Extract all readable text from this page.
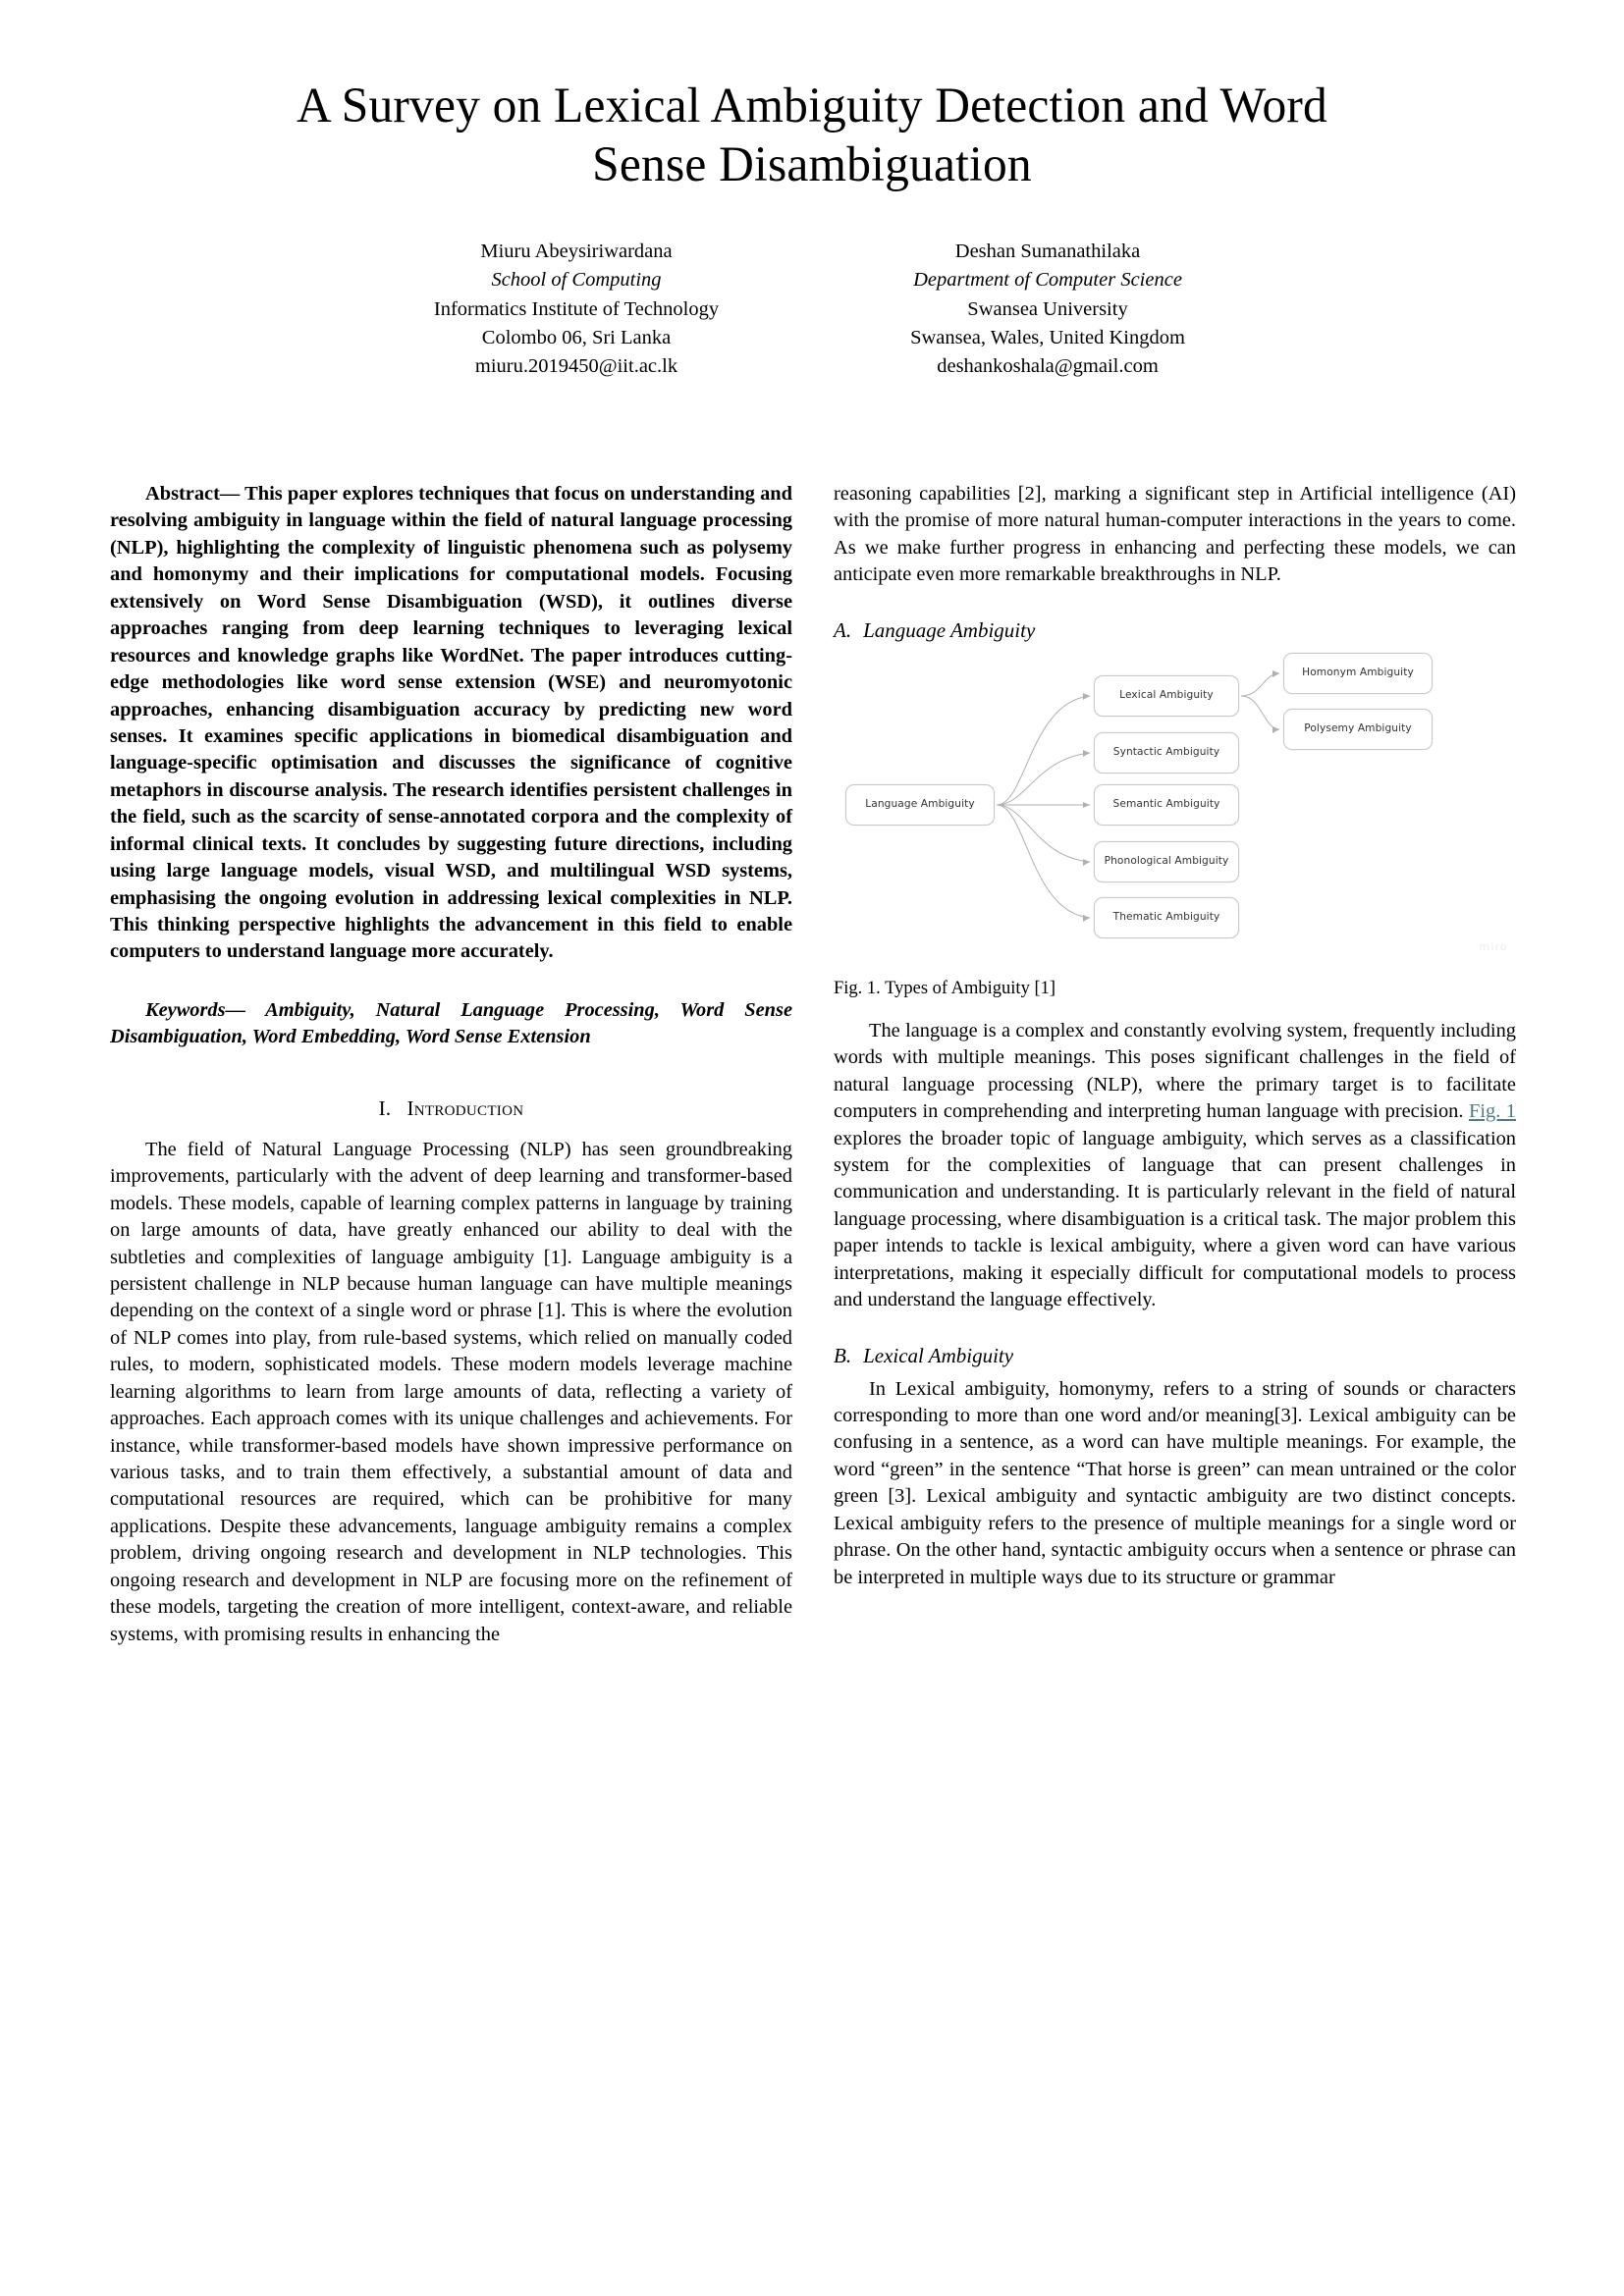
A Survey on Lexical Ambiguity Detection and Word Sense Disambiguation
Miuru Abeysiriwardana
School of Computing
Informatics Institute of Technology
Colombo 06, Sri Lanka
miuru.2019450@iit.ac.lk
Deshan Sumanathilaka
Department of Computer Science
Swansea University
Swansea, Wales, United Kingdom
deshankoshala@gmail.com

Abstract— This paper explores techniques that focus on understanding and resolving ambiguity in language within the field of natural language processing (NLP), highlighting the complexity of linguistic phenomena such as polysemy and homonymy and their implications for computational models. Focusing extensively on Word Sense Disambiguation (WSD), it outlines diverse approaches ranging from deep learning techniques to leveraging lexical resources and knowledge graphs like WordNet. The paper introduces cutting-edge methodologies like word sense extension (WSE) and neuromyotonic approaches, enhancing disambiguation accuracy by predicting new word senses. It examines specific applications in biomedical disambiguation and language-specific optimisation and discusses the significance of cognitive metaphors in discourse analysis. The research identifies persistent challenges in the field, such as the scarcity of sense-annotated corpora and the complexity of informal clinical texts. It concludes by suggesting future directions, including using large language models, visual WSD, and multilingual WSD systems, emphasising the ongoing evolution in addressing lexical complexities in NLP. This thinking perspective highlights the advancement in this field to enable computers to understand language more accurately.

Keywords— Ambiguity, Natural Language Processing, Word Sense Disambiguation, Word Embedding, Word Sense Extension

I. Introduction

The field of Natural Language Processing (NLP) has seen groundbreaking improvements, particularly with the advent of deep learning and transformer-based models. These models, capable of learning complex patterns in language by training on large amounts of data, have greatly enhanced our ability to deal with the subtleties and complexities of language ambiguity [1]. Language ambiguity is a persistent challenge in NLP because human language can have multiple meanings depending on the context of a single word or phrase [1]. This is where the evolution of NLP comes into play, from rule-based systems, which relied on manually coded rules, to modern, sophisticated models. These modern models leverage machine learning algorithms to learn from large amounts of data, reflecting a variety of approaches. Each approach comes with its unique challenges and achievements. For instance, while transformer-based models have shown impressive performance on various tasks, and to train them effectively, a substantial amount of data and computational resources are required, which can be prohibitive for many applications. Despite these advancements, language ambiguity remains a complex problem, driving ongoing research and development in NLP technologies. This ongoing research and development in NLP are focusing more on the refinement of these models, targeting the creation of more intelligent, context-aware, and reliable systems, with promising results in enhancing the

reasoning capabilities [2], marking a significant step in Artificial intelligence (AI) with the promise of more natural human-computer interactions in the years to come. As we make further progress in enhancing and perfecting these models, we can anticipate even more remarkable breakthroughs in NLP.

A. Language Ambiguity
Language Ambiguity
Lexical Ambiguity
Syntactic Ambiguity
Semantic Ambiguity
Phonological Ambiguity
Thematic Ambiguity
Homonym Ambiguity
Polysemy Ambiguity
miro
Fig. 1. Types of Ambiguity [1]

The language is a complex and constantly evolving system, frequently including words with multiple meanings. This poses significant challenges in the field of natural language processing (NLP), where the primary target is to facilitate computers in comprehending and interpreting human language with precision. Fig. 1 explores the broader topic of language ambiguity, which serves as a classification system for the complexities of language that can present challenges in communication and understanding. It is particularly relevant in the field of natural language processing, where disambiguation is a critical task. The major problem this paper intends to tackle is lexical ambiguity, where a given word can have various interpretations, making it especially difficult for computational models to process and understand the language effectively.

B. Lexical Ambiguity

In Lexical ambiguity, homonymy, refers to a string of sounds or characters corresponding to more than one word and/or meaning[3]. Lexical ambiguity can be confusing in a sentence, as a word can have multiple meanings. For example, the word “green” in the sentence “That horse is green” can mean untrained or the color green [3]. Lexical ambiguity and syntactic ambiguity are two distinct concepts. Lexical ambiguity refers to the presence of multiple meanings for a single word or phrase. On the other hand, syntactic ambiguity occurs when a sentence or phrase can be interpreted in multiple ways due to its structure or grammar
